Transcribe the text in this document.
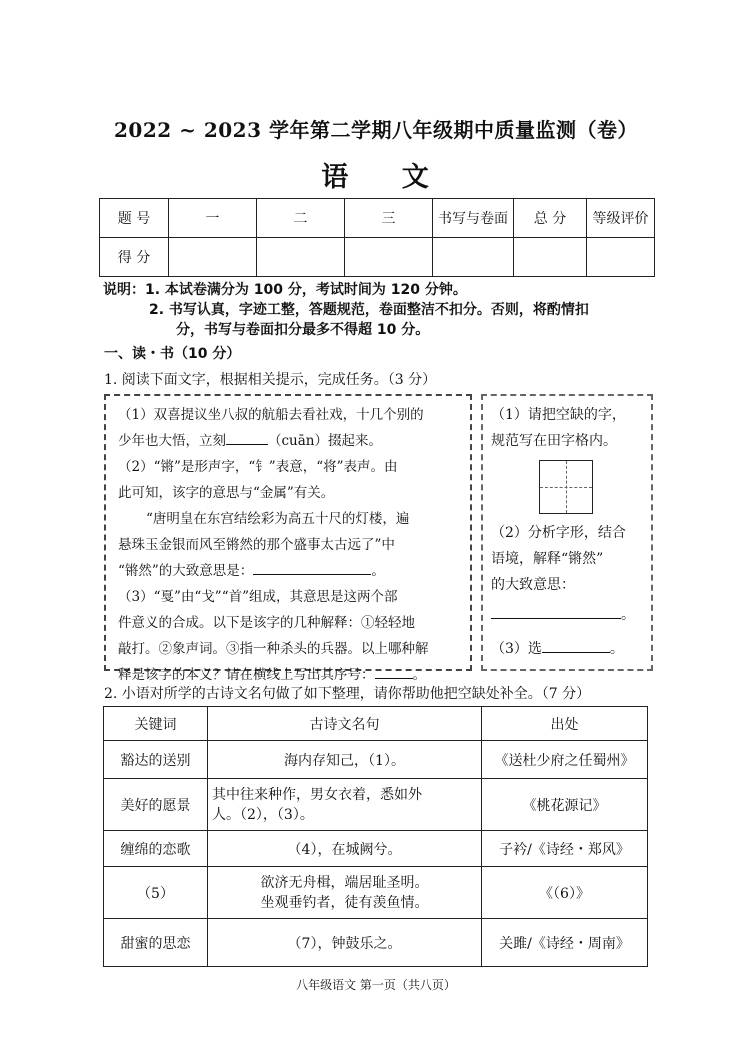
2022 ~ 2023 学年第二学期八年级期中质量监测（卷）
语 文
题 号	一	二	三	书写与卷面	总 分	等级评价
得 分						
说明：1. 本试卷满分为 100 分，考试时间为 120 分钟。
2. 书写认真，字迹工整，答题规范，卷面整洁不扣分。否则，将酌情扣
分，书写与卷面扣分最多不得超 10 分。
一、读・书（10 分）
1. 阅读下面文字，根据相关提示，完成任务。（3 分）
（1）双喜提议坐八叔的航船去看社戏，十几个别的
少年也大悟，立刻	（cuān）掇起来。
（2）“锵”是形声字，“钅”表意，“将”表声。由
此可知，该字的意思与“金属”有关。
“唐明皇在东宫结绘彩为高五十尺的灯楼，遍
悬珠玉金银而风至锵然的那个盛事太古远了”中
“锵然”的大致意思是：	。
（3）“戛”由“戈”“首”组成，其意思是这两个部
件意义的合成。以下是该字的几种解释：①轻轻地
敲打。②象声词。③指一种杀头的兵器。以上哪种解
释是该字的本义？请在横线上写出其序号：	。
（1）请把空缺的字，
规范写在田字格内。
（2）分析字形，结合
语境，解释“锵然”
的大致意思：
。
（3）选	。
2. 小语对所学的古诗文名句做了如下整理，请你帮助他把空缺处补全。（7 分）
关键词	古诗文名句	出处
豁达的送别	海内存知己，（1）。	《送杜少府之任蜀州》
美好的愿景	其中往来种作，男女衣着，悉如外
人。（2），（3）。	《桃花源记》
缠绵的恋歌	（4），在城阙兮。	子衿/《诗经・郑风》
（5）	欲济无舟楫，端居耻圣明。
坐观垂钓者，徒有羡鱼情。	《（6）》
甜蜜的思恋	（7），钟鼓乐之。	关雎/《诗经・周南》
八年级语文 第一页（共八页）
